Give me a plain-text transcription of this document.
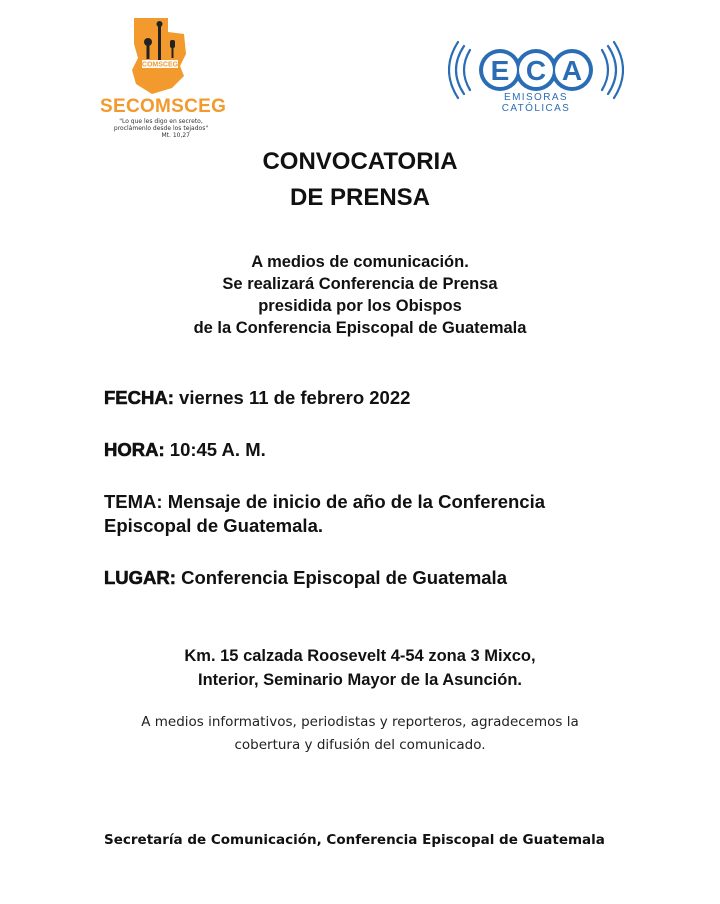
COMSCEG
SECOMSCEG
"Lo que les digo en secreto,
proclámenlo desde los tejados"
Mt. 10,27
E C A
EMISORAS CATÓLICAS
CONVOCATORIA
DE PRENSA
A medios de comunicación.
Se realizará Conferencia de Prensa
presidida por los Obispos
de la Conferencia Episcopal de Guatemala
FECHA: viernes 11 de febrero 2022
HORA: 10:45 A. M.
TEMA: Mensaje de inicio de año de la Conferencia
Episcopal de Guatemala.
LUGAR: Conferencia Episcopal de Guatemala
Km. 15 calzada Roosevelt 4-54 zona 3 Mixco,
Interior, Seminario Mayor de la Asunción.
A medios informativos, periodistas y reporteros, agradecemos la
cobertura y difusión del comunicado.
Secretaría de Comunicación, Conferencia Episcopal de Guatemala
